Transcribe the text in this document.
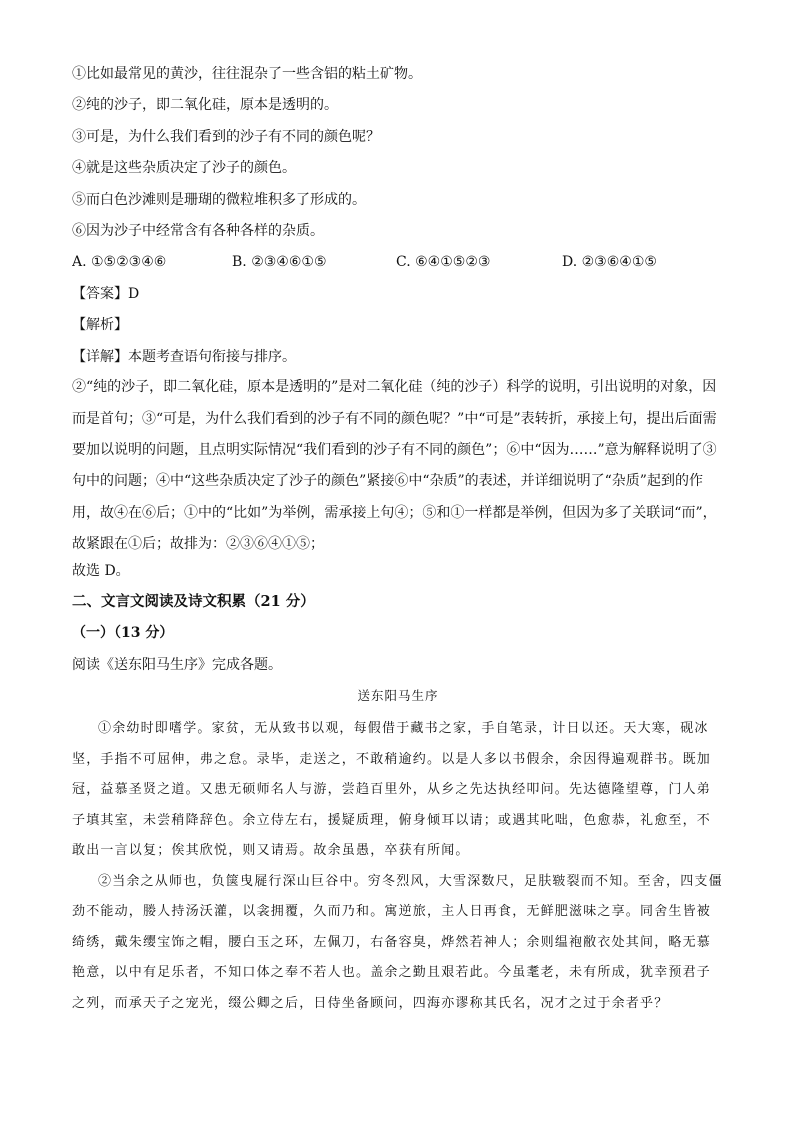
①比如最常见的黄沙，往往混杂了一些含铝的粘土矿物。
②纯的沙子，即二氧化硅，原本是透明的。
③可是，为什么我们看到的沙子有不同的颜色呢？
④就是这些杂质决定了沙子的颜色。
⑤而白色沙滩则是珊瑚的微粒堆积多了形成的。
⑥因为沙子中经常含有各种各样的杂质。
A. ①⑤②③④⑥	B. ②③④⑥①⑤	C. ⑥④①⑤②③	D. ②③⑥④①⑤
【答案】D
【解析】
【详解】本题考查语句衔接与排序。

②“纯的沙子，即二氧化硅，原本是透明的”是对二氧化硅（纯的沙子）科学的说明，引出说明的对象，因而是首句；③“可是，为什么我们看到的沙子有不同的颜色呢？”中“可是”表转折，承接上句，提出后面需要加以说明的问题，且点明实际情况“我们看到的沙子有不同的颜色”；⑥中“因为……”意为解释说明了③句中的问题；④中“这些杂质决定了沙子的颜色”紧接⑥中“杂质”的表述，并详细说明了“杂质”起到的作用，故④在⑥后；①中的“比如”为举例，需承接上句④；⑤和①一样都是举例，但因为多了关联词“而”，故紧跟在①后；故排为：②③⑥④①⑤；

故选 D。
二、文言文阅读及诗文积累（21 分）
（一）（13 分）
阅读《送东阳马生序》完成各题。
送东阳马生序

①余幼时即嗜学。家贫，无从致书以观，每假借于藏书之家，手自笔录，计日以还。天大寒，砚冰坚，手指不可屈伸，弗之怠。录毕，走送之，不敢稍逾约。以是人多以书假余，余因得遍观群书。既加冠，益慕圣贤之道。又患无硕师名人与游，尝趋百里外，从乡之先达执经叩问。先达德隆望尊，门人弟子填其室，未尝稍降辞色。余立侍左右，援疑质理，俯身倾耳以请；或遇其叱咄，色愈恭，礼愈至，不敢出一言以复；俟其欣悦，则又请焉。故余虽愚，卒获有所闻。

②当余之从师也，负箧曳屣行深山巨谷中。穷冬烈风，大雪深数尺，足肤皲裂而不知。至舍，四支僵劲不能动，媵人持汤沃灌，以衾拥覆，久而乃和。寓逆旅，主人日再食，无鲜肥滋味之享。同舍生皆被绮绣，戴朱缨宝饰之帽，腰白玉之环，左佩刀，右备容臭，烨然若神人；余则缊袍敝衣处其间，略无慕艳意，以中有足乐者，不知口体之奉不若人也。盖余之勤且艰若此。今虽耄老，未有所成，犹幸预君子之列，而承天子之宠光，缀公卿之后，日侍坐备顾问，四海亦谬称其氏名，况才之过于余者乎？
